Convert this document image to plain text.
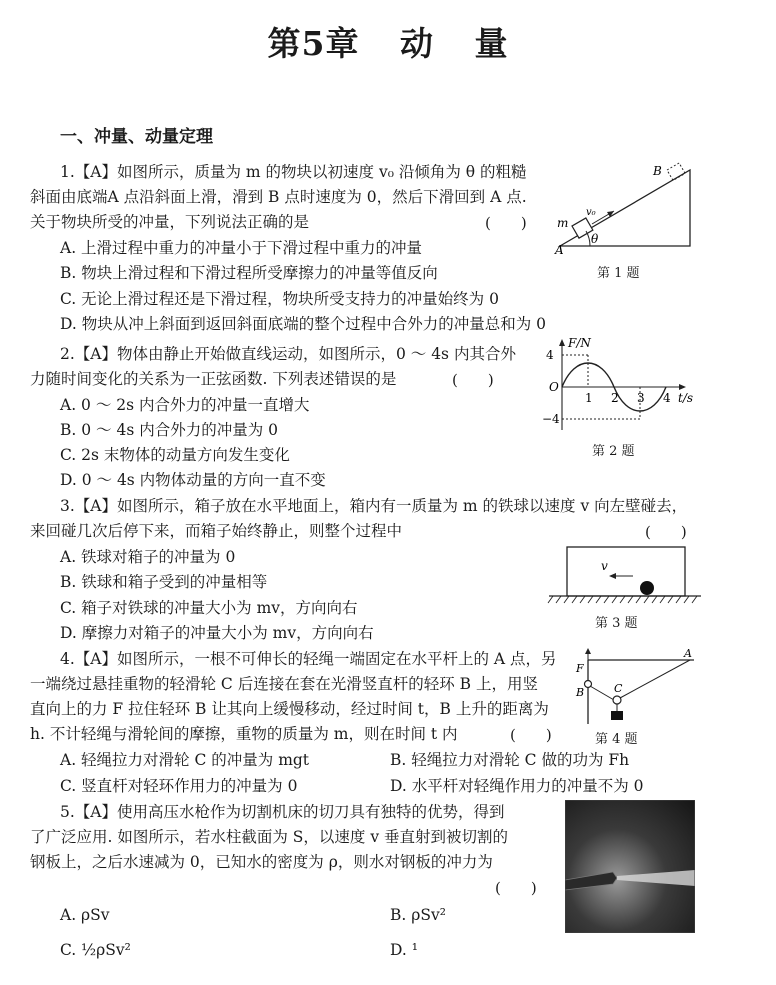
第5章 动 量
一、冲量、动量定理
1.【A】如图所示，质量为 m 的物块以初速度 v₀ 沿倾角为 θ 的粗糙
斜面由底端A 点沿斜面上滑，滑到 B 点时速度为 0，然后下滑回到 A 点.
关于物块所受的冲量，下列说法正确的是	(　　)
A. 上滑过程中重力的冲量小于下滑过程中重力的冲量
B. 物块上滑过程和下滑过程所受摩擦力的冲量等值反向
C. 无论上滑过程还是下滑过程，物块所受支持力的冲量始终为 0
D. 物块从冲上斜面到返回斜面底端的整个过程中合外力的冲量总和为 0
B
m
v₀
A
θ
第 1 题
2.【A】物体由静止开始做直线运动，如图所示，0 ～ 4s 内其合外
力随时间变化的关系为一正弦函数. 下列表述错误的是	(　　)
A. 0 ～ 2s 内合外力的冲量一直增大
B. 0 ～ 4s 内合外力的冲量为 0
C. 2s 末物体的动量方向发生变化
D. 0 ～ 4s 内物体动量的方向一直不变
F/N
4
O
−4
1 2 3 4 t/s
第 2 题
3.【A】如图所示，箱子放在水平地面上，箱内有一质量为 m 的铁球以速度 v 向左壁碰去，
来回碰几次后停下来，而箱子始终静止，则整个过程中	(　　)
A. 铁球对箱子的冲量为 0
B. 铁球和箱子受到的冲量相等
C. 箱子对铁球的冲量大小为 mv，方向向右
D. 摩擦力对箱子的冲量大小为 mv，方向向右
v
第 3 题
4.【A】如图所示，一根不可伸长的轻绳一端固定在水平杆上的 A 点，另
一端绕过悬挂重物的轻滑轮 C 后连接在套在光滑竖直杆的轻环 B 上，用竖
直向上的力 F 拉住轻环 B 让其向上缓慢移动，经过时间 t，B 上升的距离为
h. 不计轻绳与滑轮间的摩擦，重物的质量为 m，则在时间 t 内	(　　)
A. 轻绳拉力对滑轮 C 的冲量为 mgt	B. 轻绳拉力对滑轮 C 做的功为 Fh
C. 竖直杆对轻环作用力的冲量为 0	D. 水平杆对轻绳作用力的冲量不为 0
F
B	C
A
第 4 题
5.【A】使用高压水枪作为切割机床的切刀具有独特的优势，得到
了广泛应用. 如图所示，若水柱截面为 S，以速度 v 垂直射到被切割的
钢板上，之后水速减为 0，已知水的密度为 ρ，则水对钢板的冲力为
(　　)
A. ρSv	B. ρSv²
C. ½ρSv²	D. ¹
